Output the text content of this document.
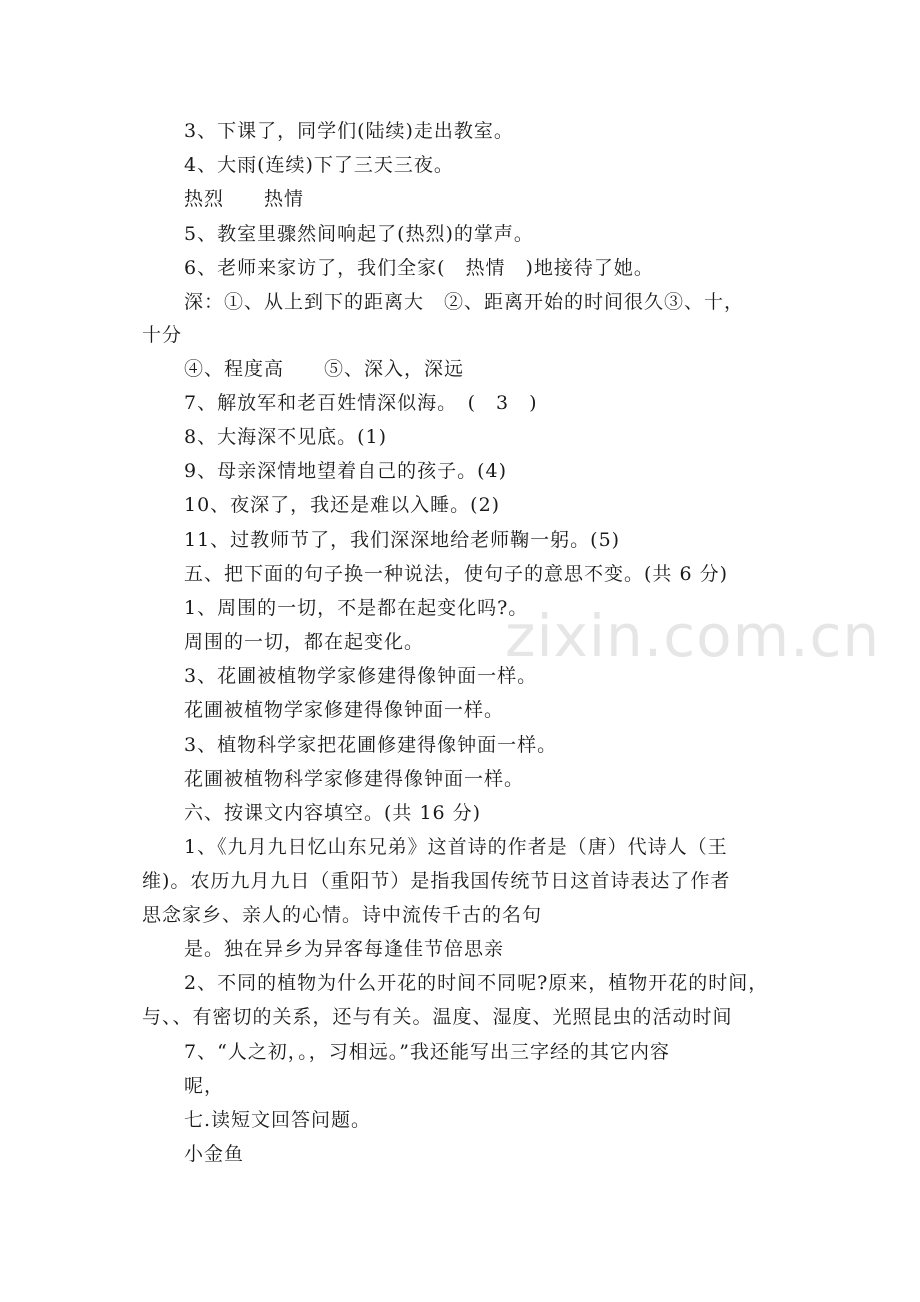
zixin.com.cn
3、下课了，同学们(陆续)走出教室。
4、大雨(连续)下了三天三夜。
热烈　　热情
5、教室里骤然间响起了(热烈)的掌声。
6、老师来家访了，我们全家(　热情　)地接待了她。
深：①、从上到下的距离大　②、距离开始的时间很久③、十，
十分
④、程度高　　⑤、深入，深远
7、解放军和老百姓情深似海。　(　3　)
8、大海深不见底。(1)
9、母亲深情地望着自己的孩子。(4)
10、夜深了，我还是难以入睡。(2)
11、过教师节了，我们深深地给老师鞠一躬。(5)
五、把下面的句子换一种说法，使句子的意思不变。(共 6 分)
1、周围的一切，不是都在起变化吗?。
周围的一切，都在起变化。
3、花圃被植物学家修建得像钟面一样。
花圃被植物学家修建得像钟面一样。
3、植物科学家把花圃修建得像钟面一样。
花圃被植物科学家修建得像钟面一样。
六、按课文内容填空。(共 16 分)
1、《九月九日忆山东兄弟》这首诗的作者是（唐）代诗人（王
维)。农历九月九日（重阳节）是指我国传统节日这首诗表达了作者
思念家乡、亲人的心情。诗中流传千古的名句
是。独在异乡为异客每逢佳节倍思亲
2、不同的植物为什么开花的时间不同呢?原来，植物开花的时间，
与、、有密切的关系，还与有关。温度、湿度、光照昆虫的活动时间
7、“人之初，。，习相远。”我还能写出三字经的其它内容
呢，
七.读短文回答问题。
小金鱼
